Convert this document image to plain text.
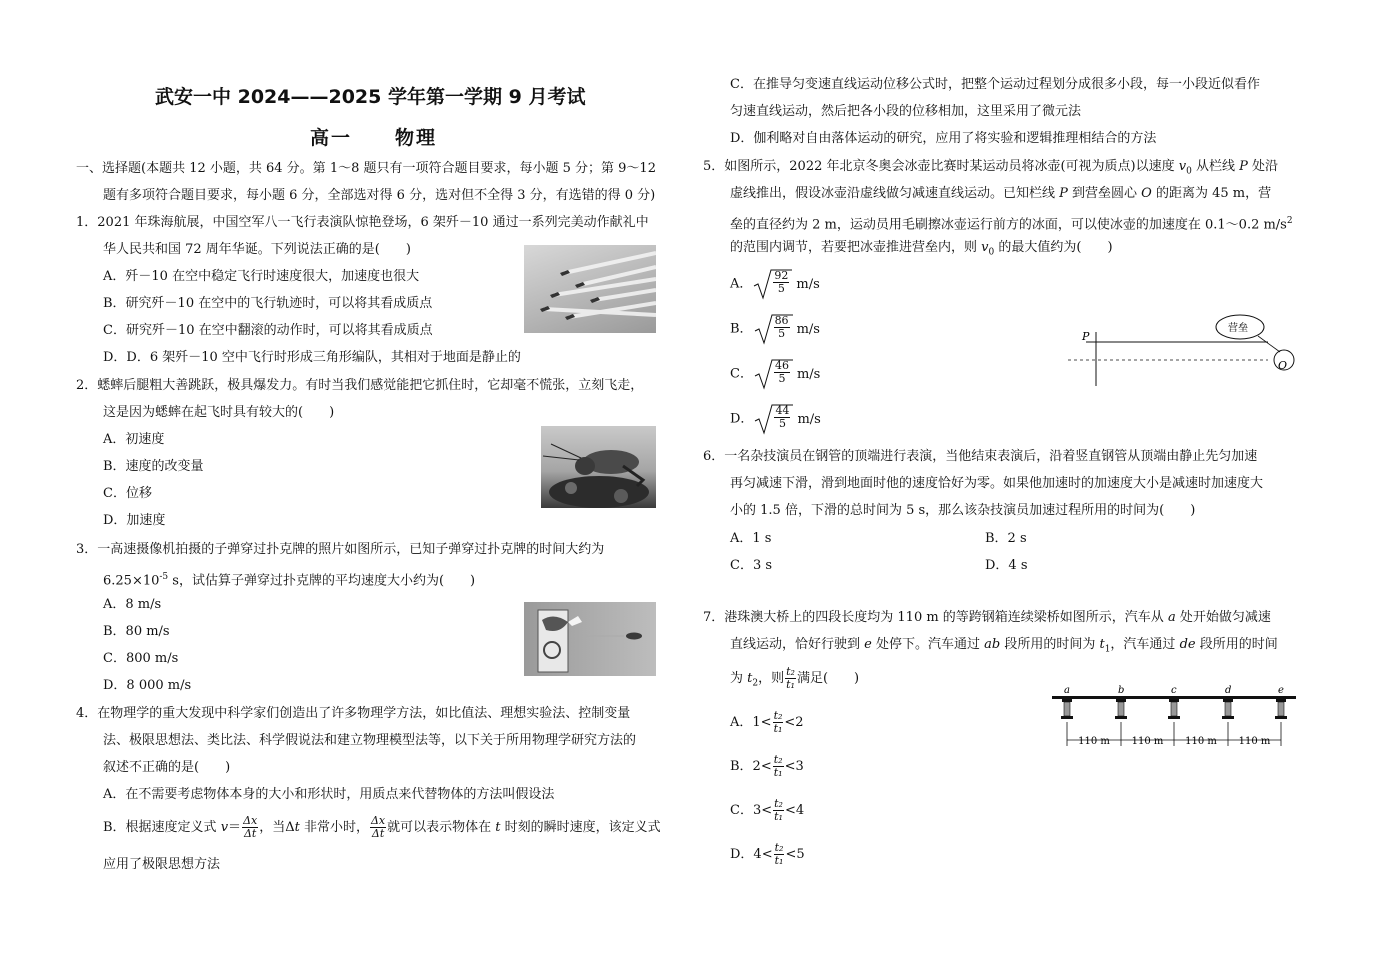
武安一中 2024——2025 学年第一学期 9 月考试
高一 物理
一、选择题(本题共 12 小题，共 64 分。第 1～8 题只有一项符合题目要求，每小题 5 分；第 9～12
题有多项符合题目要求，每小题 6 分，全部选对得 6 分，选对但不全得 3 分，有选错的得 0 分)
1．2021 年珠海航展，中国空军八一飞行表演队惊艳登场，6 架歼－10 通过一系列完美动作献礼中
华人民共和国 72 周年华诞。下列说法正确的是(　　)
A．歼－10 在空中稳定飞行时速度很大，加速度也很大
B．研究歼－10 在空中的飞行轨迹时，可以将其看成质点
C．研究歼－10 在空中翻滚的动作时，可以将其看成质点
D．D．6 架歼－10 空中飞行时形成三角形编队，其相对于地面是静止的
2．蟋蟀后腿粗大善跳跃，极具爆发力。有时当我们感觉能把它抓住时，它却毫不慌张，立刻飞走，
这是因为蟋蟀在起飞时具有较大的(　　)
A．初速度
B．速度的改变量
C．位移
D．加速度
3．一高速摄像机拍摄的子弹穿过扑克牌的照片如图所示，已知子弹穿过扑克牌的时间大约为
$6.25\times 10^{-5}$ s，试估算子弹穿过扑克牌的平均速度大小约为(　　)
A．8 m/s
B．80 m/s
C．800 m/s
D．8 000 m/s
4．在物理学的重大发现中科学家们创造出了许多物理学方法，如比值法、理想实验法、控制变量
法、极限思想法、类比法、科学假说法和建立物理模型法等，以下关于所用物理学研究方法的
叙述不正确的是(　　)
A．在不需要考虑物体本身的大小和形状时，用质点来代替物体的方法叫假设法
B．根据速度定义式 $v= \frac{\Delta x}{\Delta t}$ ，当Δt 非常小时， $\frac{\Delta x}{\Delta t}$ 就可以表示物体在 t 时刻的瞬时速度，该定义式
应用了极限思想方法
C．在推导匀变速直线运动位移公式时，把整个运动过程划分成很多小段，每一小段近似看作
匀速直线运动，然后把各小段的位移相加，这里采用了微元法
D．伽利略对自由落体运动的研究，应用了将实验和逻辑推理相结合的方法
5．如图所示，2022 年北京冬奥会冰壶比赛时某运动员将冰壶(可视为质点)以速度 $v_0$ 从栏线 P 处沿
虚线推出，假设冰壶沿虚线做匀减速直线运动。已知栏线 P 到营垒圆心 O 的距离为 45 m，营
垒的直径约为 2 m，运动员用毛刷擦冰壶运行前方的冰面，可以使冰壶的加速度在 0.1～0.2 $m/s^2$
的范围内调节，若要把冰壶推进营垒内，则 $v_0$ 的最大值约为(　　)
A． $\frac{92}{5} m/s$
B． $\frac{86}{5} m/s$
C． $\frac{46}{5} m/s$
D． $\frac{44}{5} m/s$
P
O
营垒
6．一名杂技演员在钢管的顶端进行表演，当他结束表演后，沿着竖直钢管从顶端由静止先匀加速
再匀减速下滑，滑到地面时他的速度恰好为零。如果他加速时的加速度大小是减速时加速度大
小的 1.5 倍，下滑的总时间为 5 s，那么该杂技演员加速过程所用的时间为(　　)
A．1 s	B．2 s
C．3 s	D．4 s
7．港珠澳大桥上的四段长度均为 110 m 的等跨钢箱连续梁桥如图所示，汽车从 a 处开始做匀减速
直线运动，恰好行驶到 e 处停下。汽车通过 ab 段所用的时间为 $t_1$，汽车通过 de 段所用的时间
为 $t_2$，则 $\frac{\text{t₂}}{\text{t₁}}$ 满足(　　)
A．$1< \frac{\text{t₂}}{\text{t₁}} <2$
B．$2< \frac{\text{t₂}}{\text{t₁}} <3$
C．$3< \frac{\text{t₂}}{\text{t₁}} <4$
D．$4< \frac{\text{t₂}}{\text{t₁}} <5$
a	b	c	d	e
110 m 110 m 110 m 110 m
